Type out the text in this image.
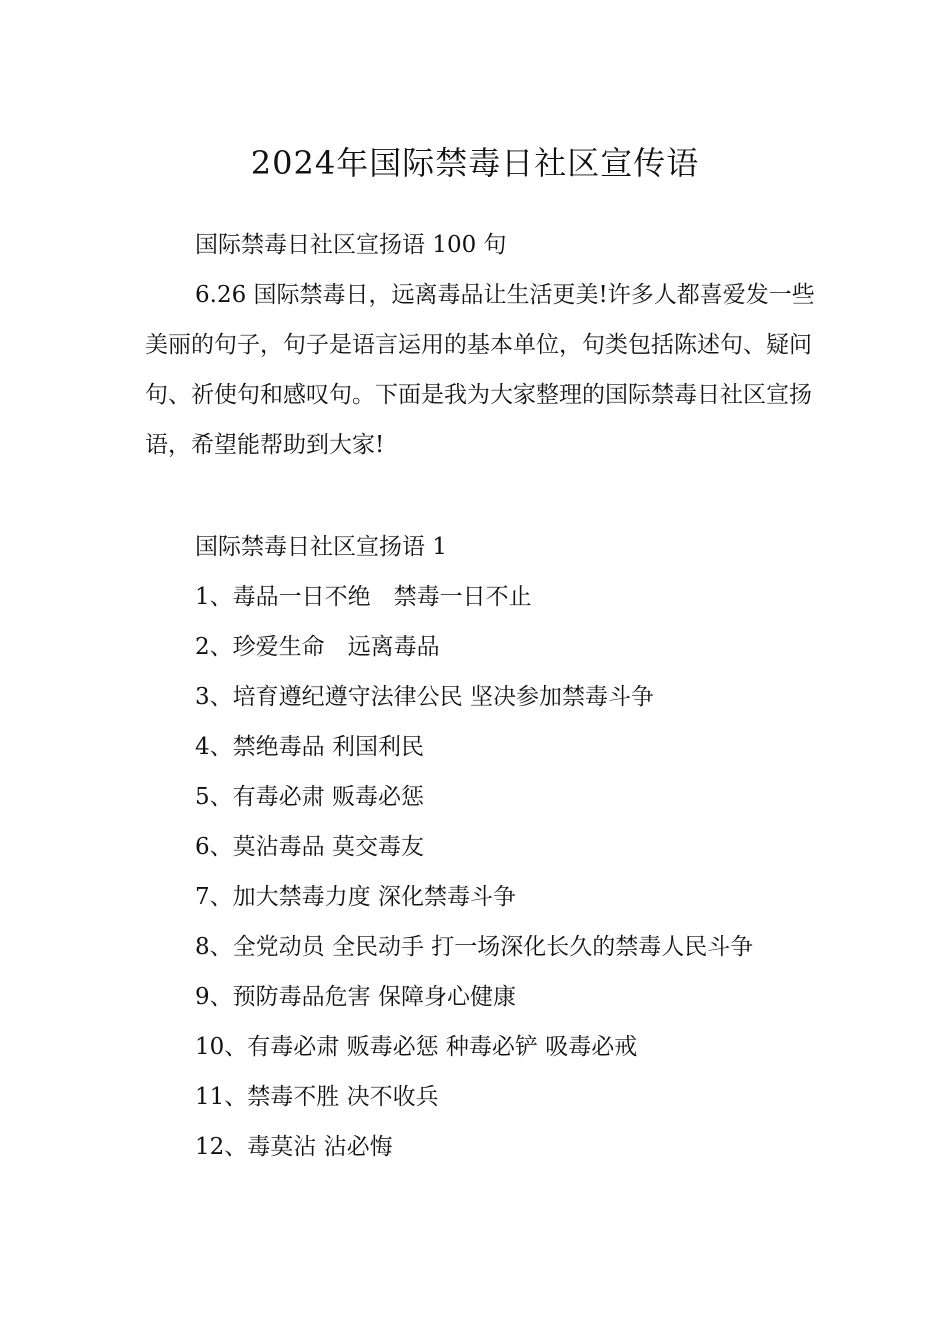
2024年国际禁毒日社区宣传语

国际禁毒日社区宣扬语 100 句

6.26 国际禁毒日，远离毒品让生活更美!许多人都喜爱发一些美丽的句子，句子是语言运用的基本单位，句类包括陈述句、疑问句、祈使句和感叹句。下面是我为大家整理的国际禁毒日社区宣扬语，希望能帮助到大家!

国际禁毒日社区宣扬语 1

1、毒品一日不绝　禁毒一日不止

2、珍爱生命　远离毒品

3、培育遵纪遵守法律公民 坚决参加禁毒斗争

4、禁绝毒品 利国利民

5、有毒必肃 贩毒必惩

6、莫沾毒品 莫交毒友

7、加大禁毒力度 深化禁毒斗争

8、全党动员 全民动手 打一场深化长久的禁毒人民斗争

9、预防毒品危害 保障身心健康

10、有毒必肃 贩毒必惩 种毒必铲 吸毒必戒

11、禁毒不胜 决不收兵

12、毒莫沾 沾必悔
